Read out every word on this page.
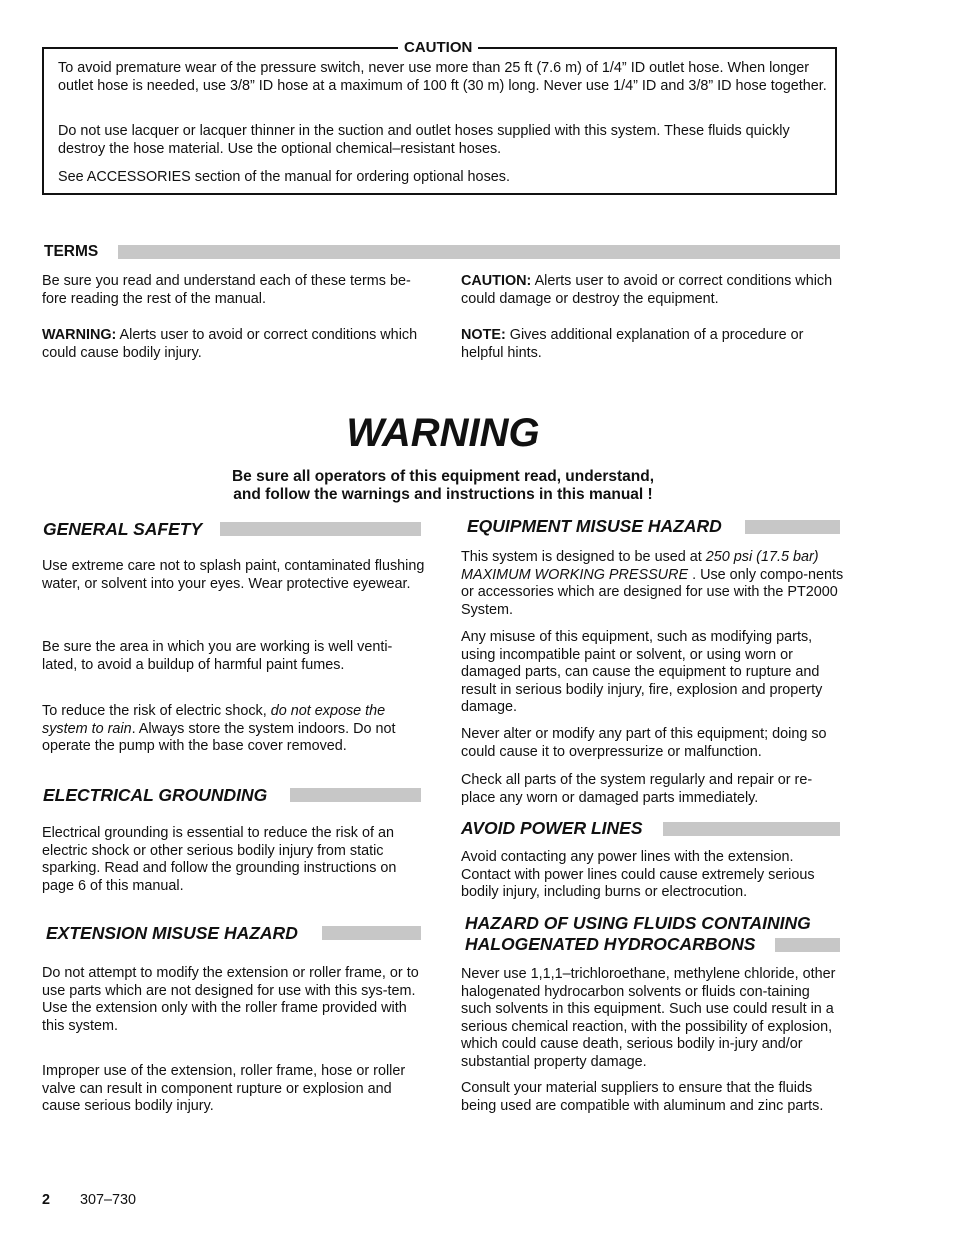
CAUTION

To avoid premature wear of the pressure switch, never use more than 25 ft (7.6 m) of 1/4” ID outlet hose. When longer outlet hose is needed, use 3/8” ID hose at a maximum of 100 ft (30 m) long. Never use 1/4” ID and 3/8” ID hose together.

Do not use lacquer or lacquer thinner in the suction and outlet hoses supplied with this system. These fluids quickly destroy the hose material. Use the optional chemical–resistant hoses.

See ACCESSORIES section of the manual for ordering optional hoses.

TERMS

Be sure you read and understand each of these terms be-fore reading the rest of the manual.

WARNING: Alerts user to avoid or correct conditions which could cause bodily injury.

CAUTION: Alerts user to avoid or correct conditions which could damage or destroy the equipment.

NOTE: Gives additional explanation of a procedure or helpful hints.

WARNING
Be sure all operators of this equipment read, understand,
and follow the warnings and instructions in this manual !
GENERAL SAFETY

Use extreme care not to splash paint, contaminated flushing water, or solvent into your eyes. Wear protective eyewear.

Be sure the area in which you are working is well venti-lated, to avoid a buildup of harmful paint fumes.

To reduce the risk of electric shock, do not expose the system to rain. Always store the system indoors. Do not operate the pump with the base cover removed.

ELECTRICAL GROUNDING

Electrical grounding is essential to reduce the risk of an electric shock or other serious bodily injury from static sparking. Read and follow the grounding instructions on page 6 of this manual.

EXTENSION MISUSE HAZARD

Do not attempt to modify the extension or roller frame, or to use parts which are not designed for use with this sys-tem. Use the extension only with the roller frame provided with this system.

Improper use of the extension, roller frame, hose or roller valve can result in component rupture or explosion and cause serious bodily injury.

EQUIPMENT MISUSE HAZARD

This system is designed to be used at 250 psi (17.5 bar) MAXIMUM WORKING PRESSURE . Use only compo-nents or accessories which are designed for use with the PT2000 System.

Any misuse of this equipment, such as modifying parts, using incompatible paint or solvent, or using worn or damaged parts, can cause the equipment to rupture and result in serious bodily injury, fire, explosion and property damage.

Never alter or modify any part of this equipment; doing so could cause it to overpressurize or malfunction.

Check all parts of the system regularly and repair or re-place any worn or damaged parts immediately.

AVOID POWER LINES

Avoid contacting any power lines with the extension. Contact with power lines could cause extremely serious bodily injury, including burns or electrocution.

HAZARD OF USING FLUIDS CONTAINING
HALOGENATED HYDROCARBONS

Never use 1,1,1–trichloroethane, methylene chloride, other halogenated hydrocarbon solvents or fluids con-taining such solvents in this equipment. Such use could result in a serious chemical reaction, with the possibility of explosion, which could cause death, serious bodily in-jury and/or substantial property damage.

Consult your material suppliers to ensure that the fluids being used are compatible with aluminum and zinc parts.

2 307–730
